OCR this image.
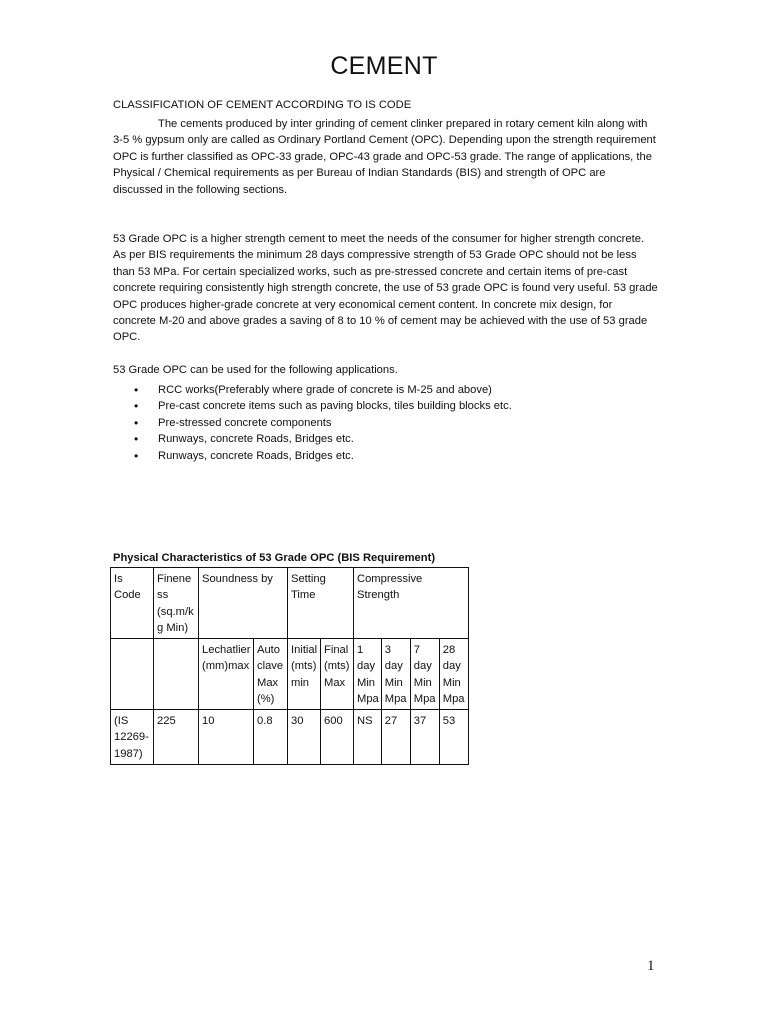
CEMENT

CLASSIFICATION OF CEMENT ACCORDING TO IS CODE

The cements produced by inter grinding of cement clinker prepared in rotary cement kiln along with 3-5 % gypsum only are called as Ordinary Portland Cement (OPC). Depending upon the strength requirement OPC is further classified as OPC-33 grade, OPC-43 grade and OPC-53 grade. The range of applications, the Physical / Chemical requirements as per Bureau of Indian Standards (BIS) and strength of OPC are discussed in the following sections.

53 Grade OPC is a higher strength cement to meet the needs of the consumer for higher strength concrete. As per BIS requirements the minimum 28 days compressive strength of 53 Grade OPC should not be less than 53 MPa. For certain specialized works, such as pre-stressed concrete and certain items of pre-cast concrete requiring consistently high strength concrete, the use of 53 grade OPC is found very useful. 53 grade OPC produces higher-grade concrete at very economical cement content. In concrete mix design, for concrete M-20 and above grades a saving of 8 to 10 % of cement may be achieved with the use of 53 grade OPC.

53 Grade OPC can be used for the following applications.

• RCC works(Preferably where grade of concrete is M-25 and above)
• Pre-cast concrete items such as paving blocks, tiles building blocks etc.
• Pre-stressed concrete components
• Runways, concrete Roads, Bridges etc.
• Runways, concrete Roads, Bridges etc.

Physical Characteristics of 53 Grade OPC (BIS Requirement)

Is Code	Finene ss (sq.m/k g Min)	Soundness by		Setting Time		Compressive Strength			
		Lechatlier (mm)max	Auto clave Max (%)	Initial (mts) min	Final (mts) Max	1 day Min Mpa	3 day Min Mpa	7 day Min Mpa	28 day Min Mpa
(IS 12269- 1987)	225	10	0.8	30	600	NS	27	37	53
1
